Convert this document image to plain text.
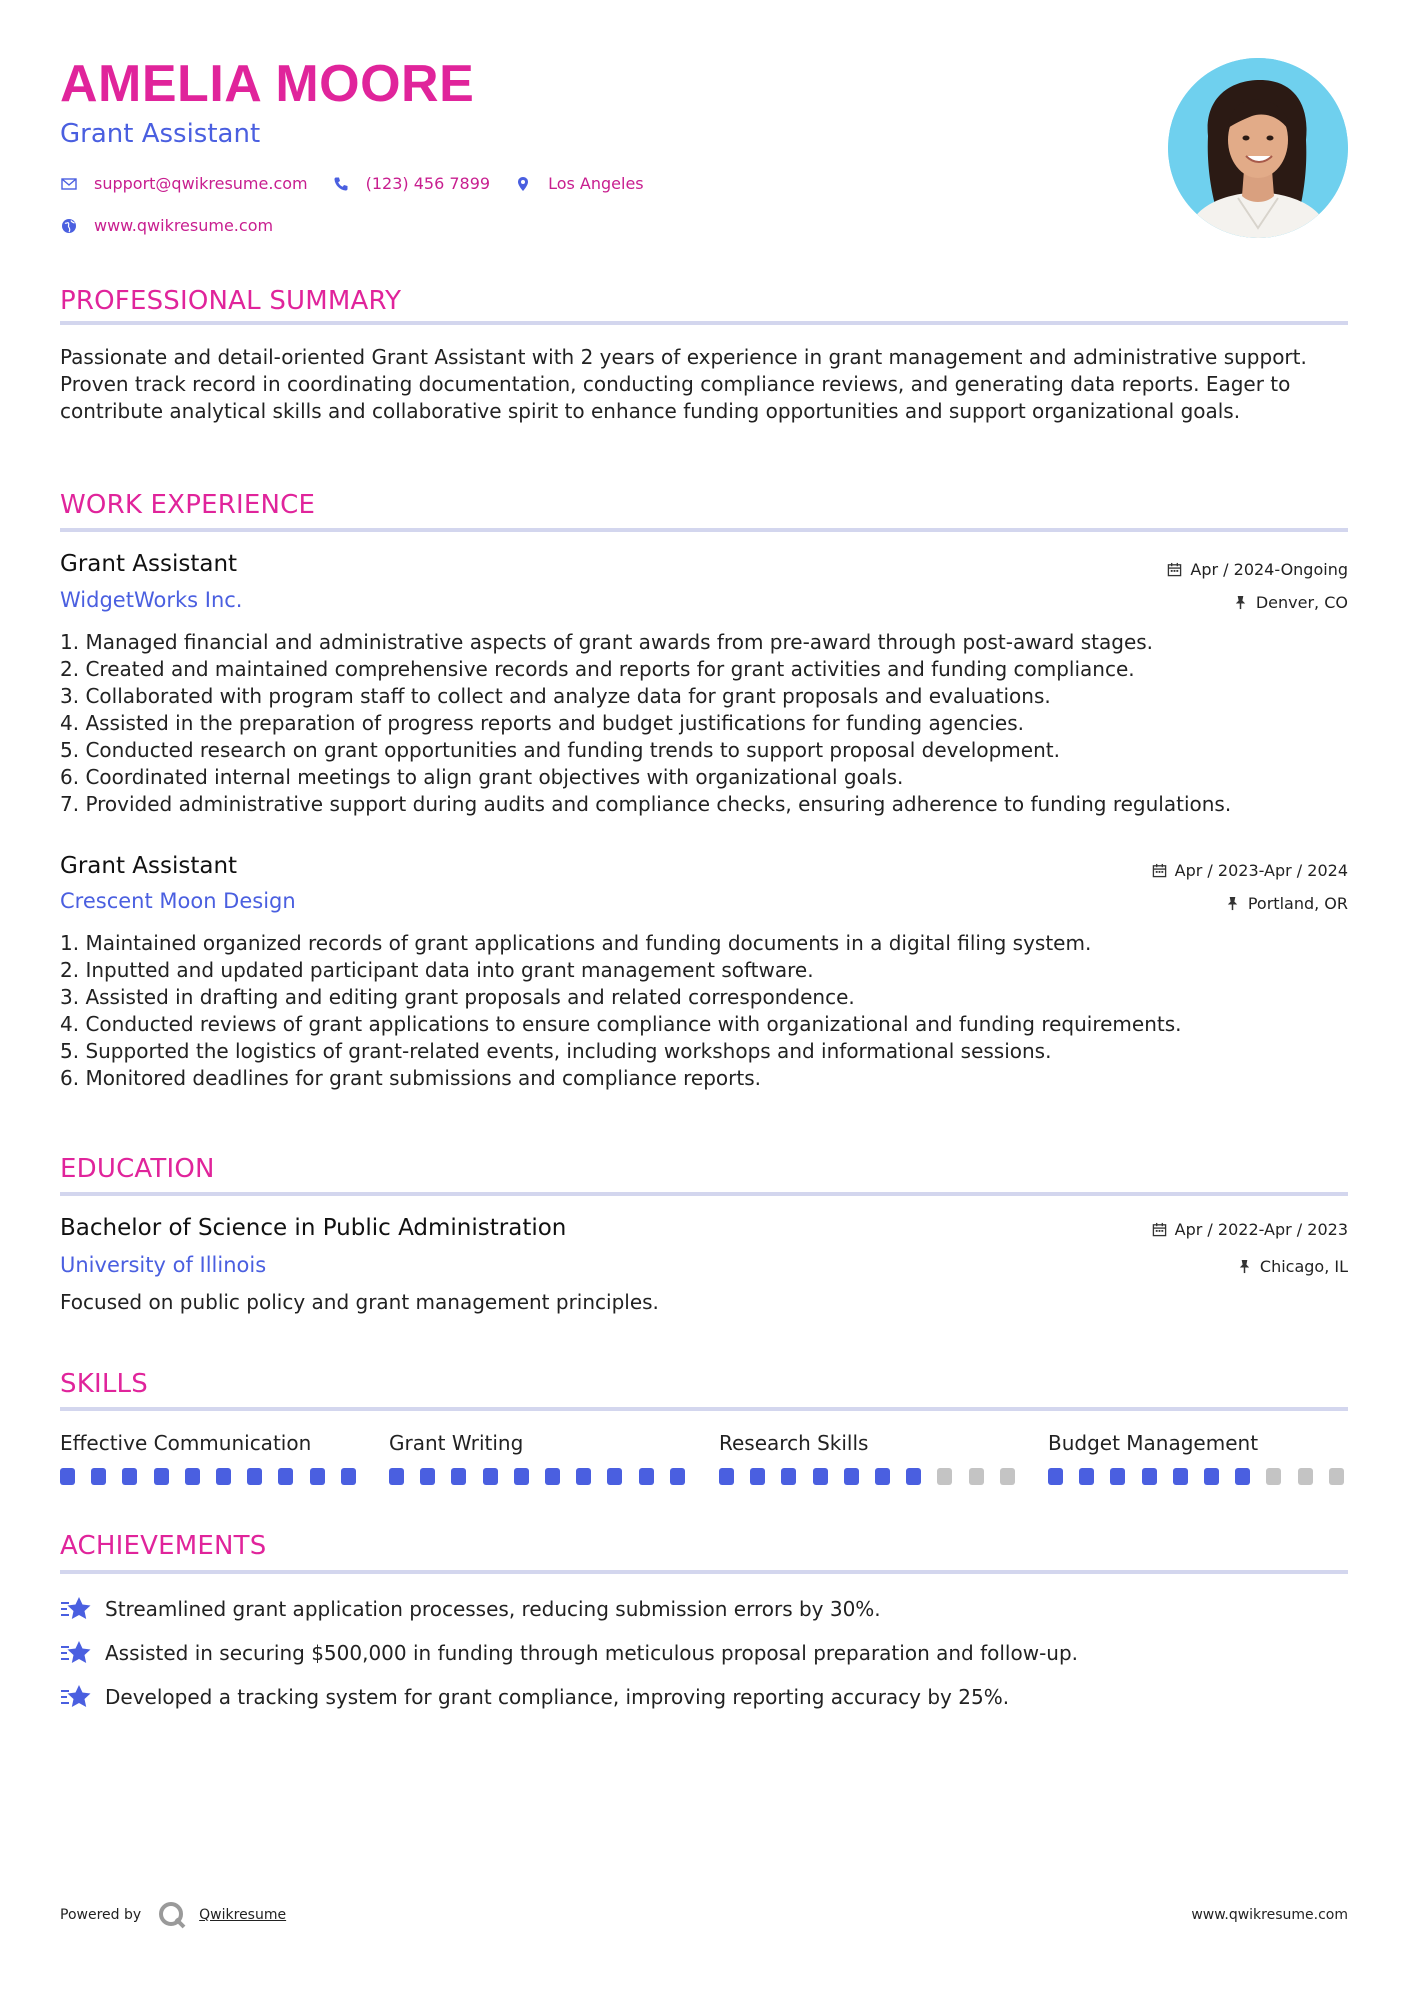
AMELIA MOORE
Grant Assistant
support@qwikresume.com	(123) 456 7899	Los Angeles
www.qwikresume.com
PROFESSIONAL SUMMARY
Passionate and detail-oriented Grant Assistant with 2 years of experience in grant management and administrative support. Proven track record in coordinating documentation, conducting compliance reviews, and generating data reports. Eager to contribute analytical skills and collaborative spirit to enhance funding opportunities and support organizational goals.
WORK EXPERIENCE
Grant Assistant	Apr / 2024-Ongoing
WidgetWorks Inc.	Denver, CO
1. Managed financial and administrative aspects of grant awards from pre-award through post-award stages.
2. Created and maintained comprehensive records and reports for grant activities and funding compliance.
3. Collaborated with program staff to collect and analyze data for grant proposals and evaluations.
4. Assisted in the preparation of progress reports and budget justifications for funding agencies.
5. Conducted research on grant opportunities and funding trends to support proposal development.
6. Coordinated internal meetings to align grant objectives with organizational goals.
7. Provided administrative support during audits and compliance checks, ensuring adherence to funding regulations.
Grant Assistant	Apr / 2023-Apr / 2024
Crescent Moon Design	Portland, OR
1. Maintained organized records of grant applications and funding documents in a digital filing system.
2. Inputted and updated participant data into grant management software.
3. Assisted in drafting and editing grant proposals and related correspondence.
4. Conducted reviews of grant applications to ensure compliance with organizational and funding requirements.
5. Supported the logistics of grant-related events, including workshops and informational sessions.
6. Monitored deadlines for grant submissions and compliance reports.
EDUCATION
Bachelor of Science in Public Administration	Apr / 2022-Apr / 2023
University of Illinois	Chicago, IL
Focused on public policy and grant management principles.
SKILLS
Effective Communication	Grant Writing	Research Skills	Budget Management
ACHIEVEMENTS
Streamlined grant application processes, reducing submission errors by 30%.
Assisted in securing $500,000 in funding through meticulous proposal preparation and follow-up.
Developed a tracking system for grant compliance, improving reporting accuracy by 25%.
Powered by	Qwikresume	www.qwikresume.com
